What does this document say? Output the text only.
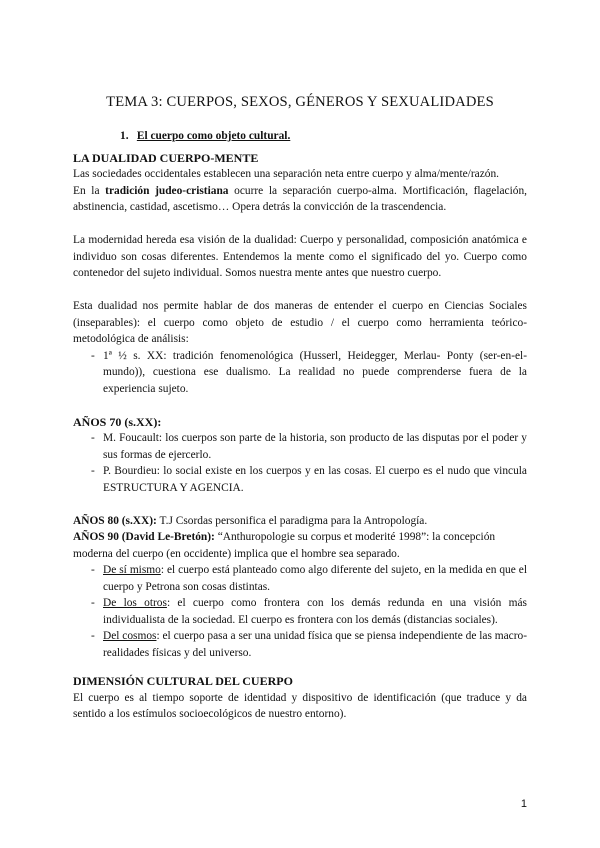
TEMA 3: CUERPOS, SEXOS, GÉNEROS Y SEXUALIDADES

1. El cuerpo como objeto cultural.

LA DUALIDAD CUERPO-MENTE

Las sociedades occidentales establecen una separación neta entre cuerpo y alma/mente/razón.

En la tradición judeo-cristiana ocurre la separación cuerpo-alma. Mortificación, flagelación, abstinencia, castidad, ascetismo… Opera detrás la convicción de la trascendencia.

La modernidad hereda esa visión de la dualidad: Cuerpo y personalidad, composición anatómica e individuo son cosas diferentes. Entendemos la mente como el significado del yo. Cuerpo como contenedor del sujeto individual. Somos nuestra mente antes que nuestro cuerpo.

Esta dualidad nos permite hablar de dos maneras de entender el cuerpo en Ciencias Sociales (inseparables): el cuerpo como objeto de estudio / el cuerpo como herramienta teórico-metodológica de análisis:

- 1ª ½ s. XX: tradición fenomenológica (Husserl, Heidegger, Merlau- Ponty (ser-en-el-mundo)), cuestiona ese dualismo. La realidad no puede comprenderse fuera de la experiencia sujeto.

AÑOS 70 (s.XX):

- M. Foucault: los cuerpos son parte de la historia, son producto de las disputas por el poder y sus formas de ejercerlo.
- P. Bourdieu: lo social existe en los cuerpos y en las cosas. El cuerpo es el nudo que vincula ESTRUCTURA Y AGENCIA.

AÑOS 80 (s.XX): T.J Csordas personifica el paradigma para la Antropología.

AÑOS 90 (David Le-Bretón): “Anthuropologie su corpus et moderité 1998”: la concepción moderna del cuerpo (en occidente) implica que el hombre sea separado.

- De sí mismo: el cuerpo está planteado como algo diferente del sujeto, en la medida en que el cuerpo y Petrona son cosas distintas.
- De los otros: el cuerpo como frontera con los demás redunda en una visión más individualista de la sociedad. El cuerpo es frontera con los demás (distancias sociales).
- Del cosmos: el cuerpo pasa a ser una unidad física que se piensa independiente de las macro- realidades físicas y del universo.

DIMENSIÓN CULTURAL DEL CUERPO

El cuerpo es al tiempo soporte de identidad y dispositivo de identificación (que traduce y da sentido a los estímulos socioecológicos de nuestro entorno).

1
